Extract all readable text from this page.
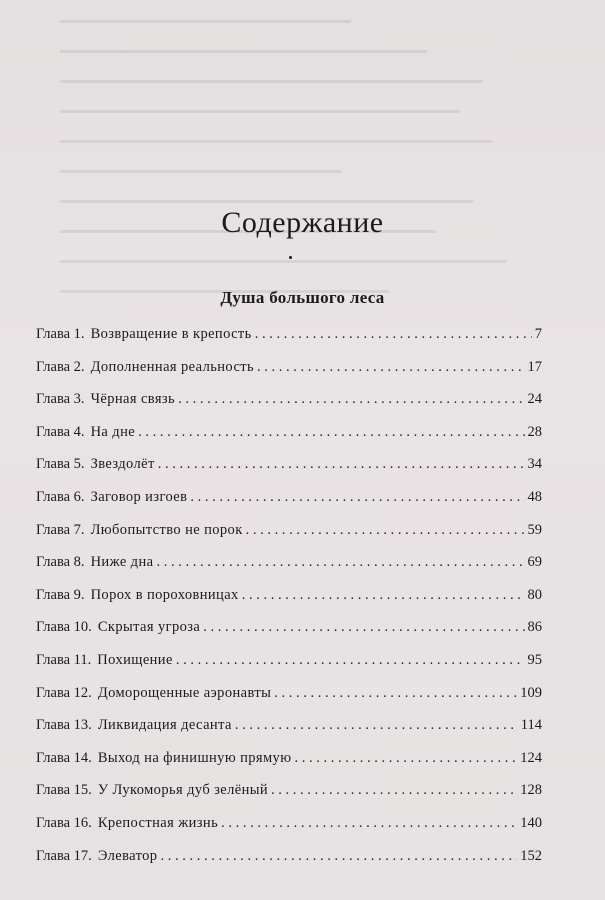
Содержание
Душа большого леса
Глава 1. Возвращение в крепость . . .	7
Глава 2. Дополненная реальность . . .	17
Глава 3. Чёрная связь . . .	24
Глава 4. На дне . . .	28
Глава 5. Звездолёт . . .	34
Глава 6. Заговор изгоев . . .	48
Глава 7. Любопытство не порок . . .	59
Глава 8. Ниже дна . . .	69
Глава 9. Порох в пороховницах . . .	80
Глава 10. Скрытая угроза . . .	86
Глава 11. Похищение . . .	95
Глава 12. Доморощенные аэронавты . . .	109
Глава 13. Ликвидация десанта . . .	114
Глава 14. Выход на финишную прямую . . .	124
Глава 15. У Лукоморья дуб зелёный . . .	128
Глава 16. Крепостная жизнь . . .	140
Глава 17. Элеватор . . .	152
